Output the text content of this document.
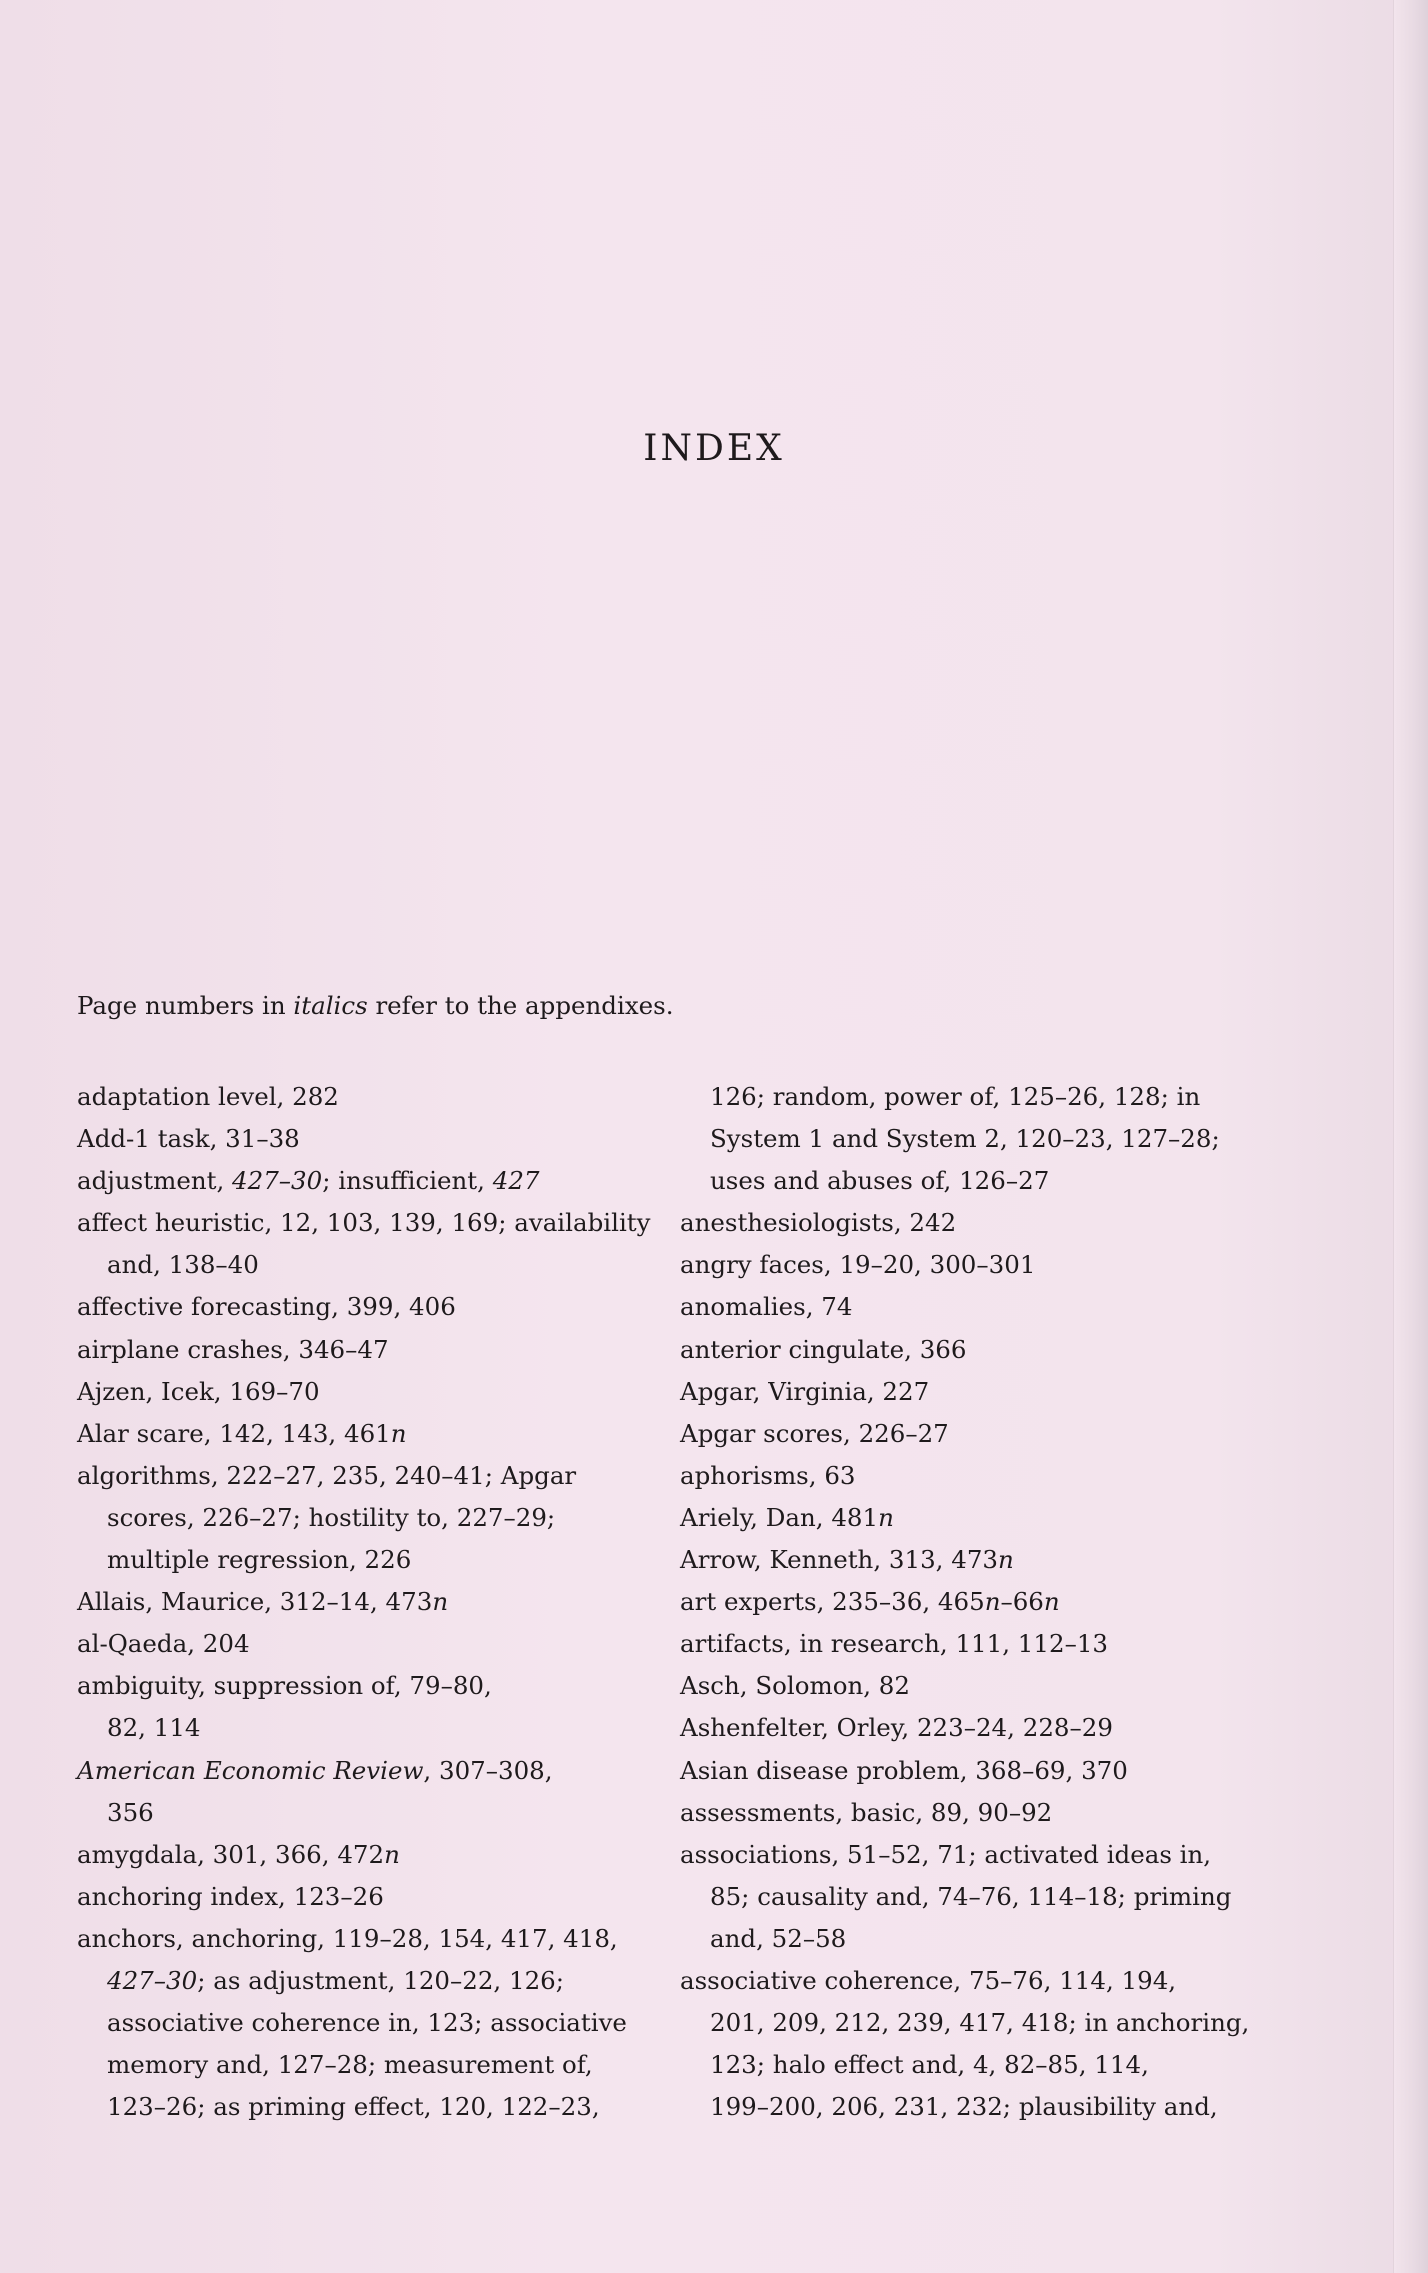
INDEX
Page numbers in italics refer to the appendixes.
adaptation level, 282
Add-1 task, 31–38
adjustment, 427–30; insufficient, 427
affect heuristic, 12, 103, 139, 169; availability
and, 138–40
affective forecasting, 399, 406
airplane crashes, 346–47
Ajzen, Icek, 169–70
Alar scare, 142, 143, 461n
algorithms, 222–27, 235, 240–41; Apgar
scores, 226–27; hostility to, 227–29;
multiple regression, 226
Allais, Maurice, 312–14, 473n
al-Qaeda, 204
ambiguity, suppression of, 79–80,
82, 114
American Economic Review, 307–308,
356
amygdala, 301, 366, 472n
anchoring index, 123–26
anchors, anchoring, 119–28, 154, 417, 418,
427–30; as adjustment, 120–22, 126;
associative coherence in, 123; associative
memory and, 127–28; measurement of,
123–26; as priming effect, 120, 122–23,
126; random, power of, 125–26, 128; in
System 1 and System 2, 120–23, 127–28;
uses and abuses of, 126–27
anesthesiologists, 242
angry faces, 19–20, 300–301
anomalies, 74
anterior cingulate, 366
Apgar, Virginia, 227
Apgar scores, 226–27
aphorisms, 63
Ariely, Dan, 481n
Arrow, Kenneth, 313, 473n
art experts, 235–36, 465n–66n
artifacts, in research, 111, 112–13
Asch, Solomon, 82
Ashenfelter, Orley, 223–24, 228–29
Asian disease problem, 368–69, 370
assessments, basic, 89, 90–92
associations, 51–52, 71; activated ideas in,
85; causality and, 74–76, 114–18; priming
and, 52–58
associative coherence, 75–76, 114, 194,
201, 209, 212, 239, 417, 418; in anchoring,
123; halo effect and, 4, 82–85, 114,
199–200, 206, 231, 232; plausibility and,
